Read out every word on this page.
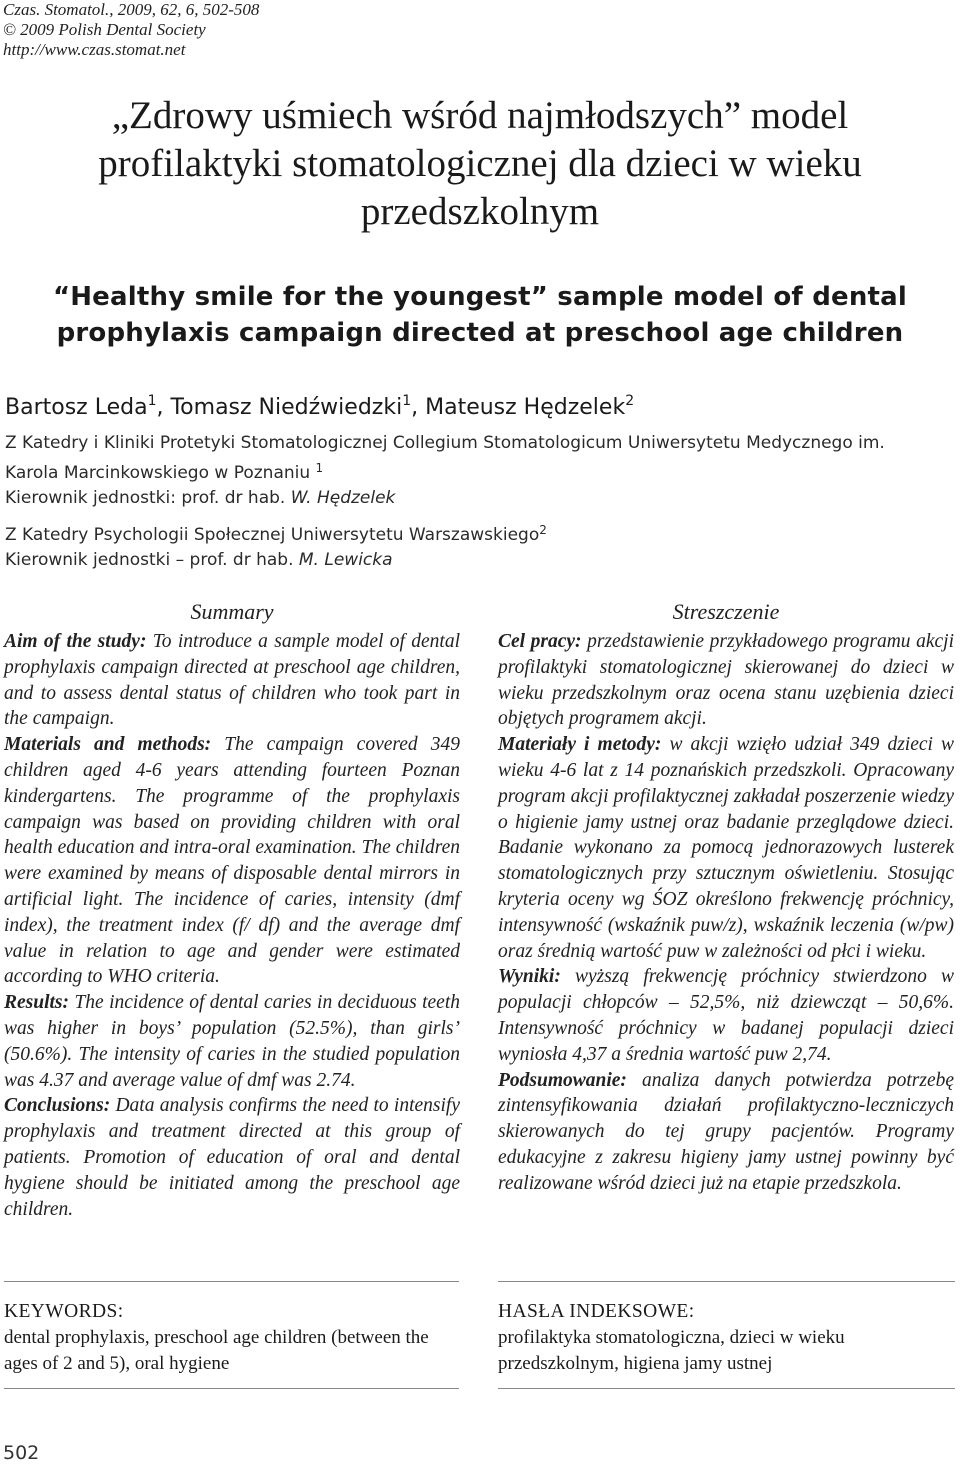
Czas. Stomatol., 2009, 62, 6, 502-508
© 2009 Polish Dental Society
http://www.czas.stomat.net
„Zdrowy uśmiech wśród najmłodszych” model profilaktyki stomatologicznej dla dzieci w wieku przedszkolnym
“Healthy smile for the youngest” sample model of dental prophylaxis campaign directed at preschool age children
Bartosz Leda$^1$, Tomasz Niedźwiedzki$^1$, Mateusz Hędzelek$^2$
Z Katedry i Kliniki Protetyki Stomatologicznej Collegium Stomatologicum Uniwersytetu Medycznego im.
Karola Marcinkowskiego w Poznaniu $^1$
Kierownik jednostki: prof. dr hab. W. Hędzelek
Z Katedry Psychologii Społecznej Uniwersytetu Warszawskiego$^2$
Kierownik jednostki – prof. dr hab. M. Lewicka
Summary

Aim of the study: To introduce a sample model of dental prophylaxis campaign directed at preschool age children, and to assess dental status of children who took part in the campaign.

Materials and methods: The campaign covered 349 children aged 4-6 years attending fourteen Poznan kindergartens. The programme of the prophylaxis campaign was based on providing children with oral health education and intra-oral examination. The children were examined by means of disposable dental mirrors in artificial light. The incidence of caries, intensity (dmf index), the treatment index (f/ df) and the average dmf value in relation to age and gender were estimated according to WHO criteria.

Results: The incidence of dental caries in deciduous teeth was higher in boys’ population (52.5%), than girls’ (50.6%). The intensity of caries in the studied population was 4.37 and average value of dmf was 2.74.

Conclusions: Data analysis confirms the need to intensify prophylaxis and treatment directed at this group of patients. Promotion of education of oral and dental hygiene should be initiated among the preschool age children.

Streszczenie

Cel pracy: przedstawienie przykładowego programu akcji profilaktyki stomatologicznej skierowanej do dzieci w wieku przedszkolnym oraz ocena stanu uzębienia dzieci objętych programem akcji.

Materiały i metody: w akcji wzięło udział 349 dzieci w wieku 4-6 lat z 14 poznańskich przedszkoli. Opracowany program akcji profilaktycznej zakładał poszerzenie wiedzy o higienie jamy ustnej oraz badanie przeglądowe dzieci. Badanie wykonano za pomocą jednorazowych lusterek stomatologicznych przy sztucznym oświetleniu. Stosując kryteria oceny wg ŚOZ określono frekwencję próchnicy, intensywność (wskaźnik puw/z), wskaźnik leczenia (w/pw) oraz średnią wartość puw w zależności od płci i wieku.

Wyniki: wyższą frekwencję próchnicy stwierdzono w populacji chłopców – 52,5%, niż dziewcząt – 50,6%. Intensywność próchnicy w badanej populacji dzieci wyniosła 4,37 a średnia wartość puw 2,74.

Podsumowanie: analiza danych potwierdza potrzebę zintensyfikowania działań profilaktyczno-leczniczych skierowanych do tej grupy pacjentów. Programy edukacyjne z zakresu higieny jamy ustnej powinny być realizowane wśród dzieci już na etapie przedszkola.

KEYWORDS:
dental prophylaxis, preschool age children (between the ages of 2 and 5), oral hygiene
HASŁA INDEKSOWE:
profilaktyka stomatologiczna, dzieci w wieku przedszkolnym, higiena jamy ustnej
502
